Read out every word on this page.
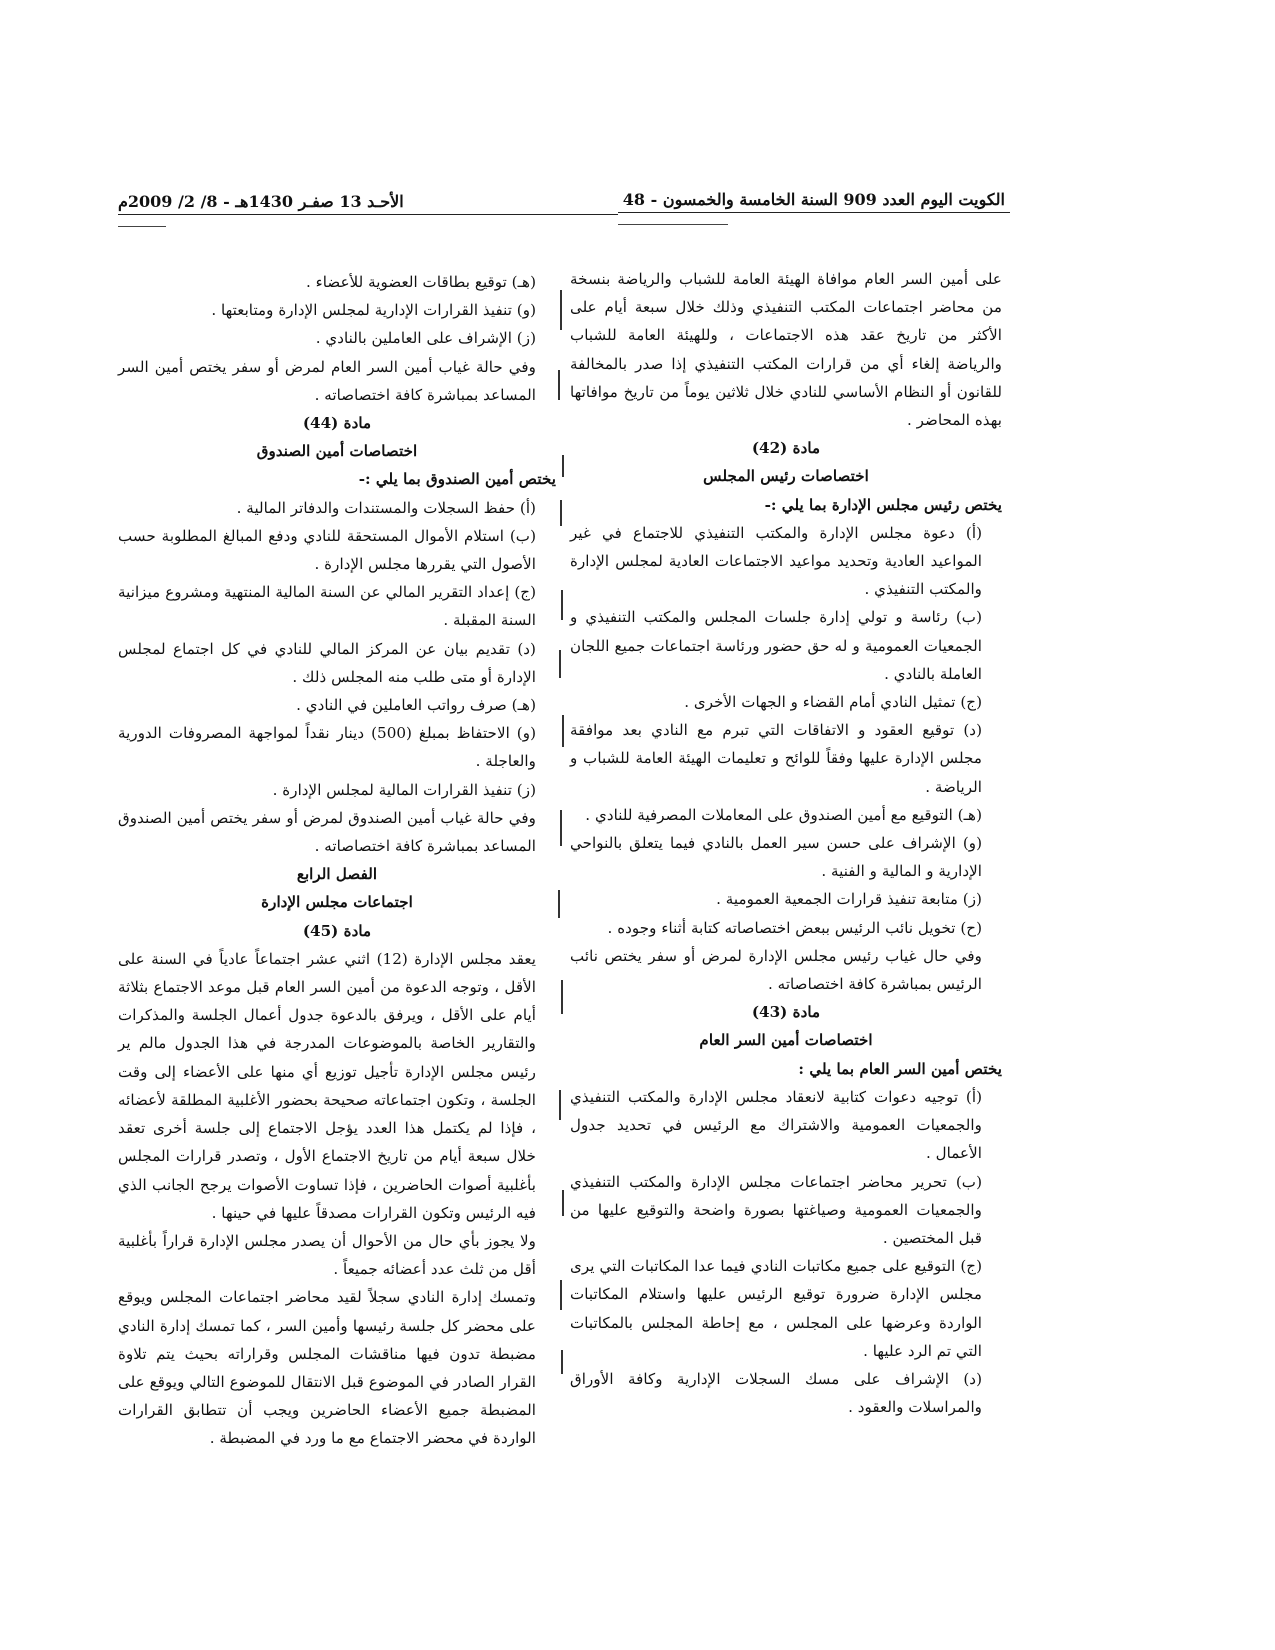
الكويت اليوم العدد 909 السنة الخامسة والخمسون - 48
الأحـد 13 صفـر 1430هـ - 8/ 2/ 2009م

على أمين السر العام موافاة الهيئة العامة للشباب والرياضة بنسخة من محاضر اجتماعات المكتب التنفيذي وذلك خلال سبعة أيام على الأكثر من تاريخ عقد هذه الاجتماعات ، وللهيئة العامة للشباب والرياضة إلغاء أي من قرارات المكتب التنفيذي إذا صدر بالمخالفة للقانون أو النظام الأساسي للنادي خلال ثلاثين يوماً من تاريخ موافاتها بهذه المحاضر .

مادة (42)

اختصاصات رئيس المجلس

يختص رئيس مجلس الإدارة بما يلي :-

(أ) دعوة مجلس الإدارة والمكتب التنفيذي للاجتماع في غير المواعيد العادية وتحديد مواعيد الاجتماعات العادية لمجلس الإدارة والمكتب التنفيذي .

(ب) رئاسة و تولي إدارة جلسات المجلس والمكتب التنفيذي و الجمعيات العمومية و له حق حضور ورئاسة اجتماعات جميع اللجان العاملة بالنادي .

(ج) تمثيل النادي أمام القضاء و الجهات الأخرى .

(د) توقيع العقود و الاتفاقات التي تبرم مع النادي بعد موافقة مجلس الإدارة عليها وفقاً للوائح و تعليمات الهيئة العامة للشباب و الرياضة .

(هـ) التوقيع مع أمين الصندوق على المعاملات المصرفية للنادي .

(و) الإشراف على حسن سير العمل بالنادي فيما يتعلق بالنواحي الإدارية و المالية و الفنية .

(ز) متابعة تنفيذ قرارات الجمعية العمومية .

(ح) تخويل نائب الرئيس ببعض اختصاصاته كتابة أثناء وجوده .

وفي حال غياب رئيس مجلس الإدارة لمرض أو سفر يختص نائب الرئيس بمباشرة كافة اختصاصاته .

مادة (43)

اختصاصات أمين السر العام

يختص أمين السر العام بما يلي :

(أ) توجيه دعوات كتابية لانعقاد مجلس الإدارة والمكتب التنفيذي والجمعيات العمومية والاشتراك مع الرئيس في تحديد جدول الأعمال .

(ب) تحرير محاضر اجتماعات مجلس الإدارة والمكتب التنفيذي والجمعيات العمومية وصياغتها بصورة واضحة والتوقيع عليها من قبل المختصين .

(ج) التوقيع على جميع مكاتبات النادي فيما عدا المكاتبات التي يرى مجلس الإدارة ضرورة توقيع الرئيس عليها واستلام المكاتبات الواردة وعرضها على المجلس ، مع إحاطة المجلس بالمكاتبات التي تم الرد عليها .

(د) الإشراف على مسك السجلات الإدارية وكافة الأوراق والمراسلات والعقود .

(هـ) توقيع بطاقات العضوية للأعضاء .

(و) تنفيذ القرارات الإدارية لمجلس الإدارة ومتابعتها .

(ز) الإشراف على العاملين بالنادي .

وفي حالة غياب أمين السر العام لمرض أو سفر يختص أمين السر المساعد بمباشرة كافة اختصاصاته .

مادة (44)

اختصاصات أمين الصندوق

يختص أمين الصندوق بما يلي :-

(أ) حفظ السجلات والمستندات والدفاتر المالية .

(ب) استلام الأموال المستحقة للنادي ودفع المبالغ المطلوبة حسب الأصول التي يقررها مجلس الإدارة .

(ج) إعداد التقرير المالي عن السنة المالية المنتهية ومشروع ميزانية السنة المقبلة .

(د) تقديم بيان عن المركز المالي للنادي في كل اجتماع لمجلس الإدارة أو متى طلب منه المجلس ذلك .

(هـ) صرف رواتب العاملين في النادي .

(و) الاحتفاظ بمبلغ (500) دينار نقداً لمواجهة المصروفات الدورية والعاجلة .

(ز) تنفيذ القرارات المالية لمجلس الإدارة .

وفي حالة غياب أمين الصندوق لمرض أو سفر يختص أمين الصندوق المساعد بمباشرة كافة اختصاصاته .

الفصل الرابع

اجتماعات مجلس الإدارة

مادة (45)

يعقد مجلس الإدارة (12) اثني عشر اجتماعاً عادياً في السنة على الأقل ، وتوجه الدعوة من أمين السر العام قبل موعد الاجتماع بثلاثة أيام على الأقل ، ويرفق بالدعوة جدول أعمال الجلسة والمذكرات والتقارير الخاصة بالموضوعات المدرجة في هذا الجدول مالم ير رئيس مجلس الإدارة تأجيل توزيع أي منها على الأعضاء إلى وقت الجلسة ، وتكون اجتماعاته صحيحة بحضور الأغلبية المطلقة لأعضائه ، فإذا لم يكتمل هذا العدد يؤجل الاجتماع إلى جلسة أخرى تعقد خلال سبعة أيام من تاريخ الاجتماع الأول ، وتصدر قرارات المجلس بأغلبية أصوات الحاضرين ، فإذا تساوت الأصوات يرجح الجانب الذي فيه الرئيس وتكون القرارات مصدقاً عليها في حينها .

ولا يجوز بأي حال من الأحوال أن يصدر مجلس الإدارة قراراً بأغلبية أقل من ثلث عدد أعضائه جميعاً .

وتمسك إدارة النادي سجلاً لقيد محاضر اجتماعات المجلس ويوقع على محضر كل جلسة رئيسها وأمين السر ، كما تمسك إدارة النادي مضبطة تدون فيها مناقشات المجلس وقراراته بحيث يتم تلاوة القرار الصادر في الموضوع قبل الانتقال للموضوع التالي ويوقع على المضبطة جميع الأعضاء الحاضرين ويجب أن تتطابق القرارات الواردة في محضر الاجتماع مع ما ورد في المضبطة .
